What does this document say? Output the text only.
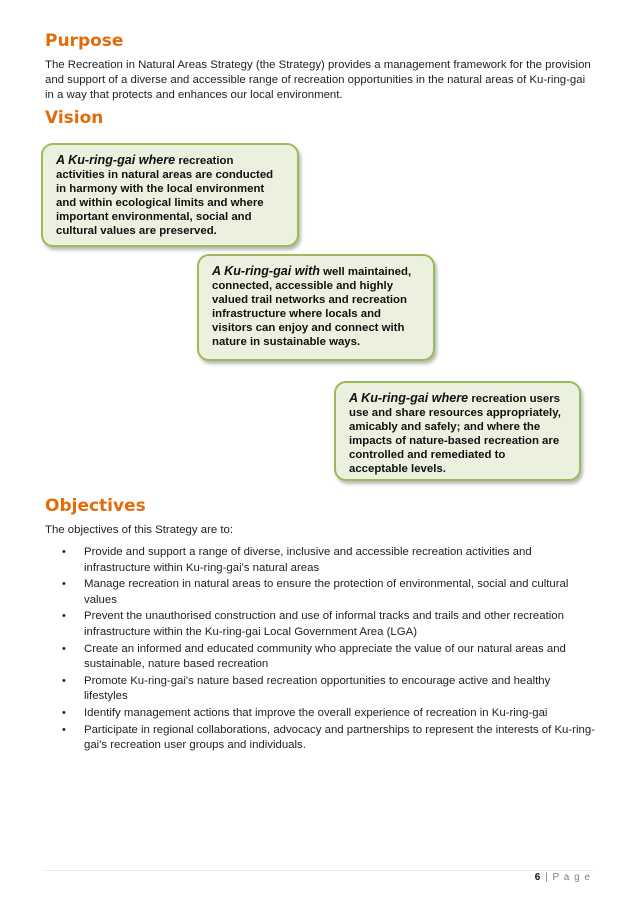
Purpose

The Recreation in Natural Areas Strategy (the Strategy) provides a management framework for the provision and support of a diverse and accessible range of recreation opportunities in the natural areas of Ku-ring-gai in a way that protects and enhances our local environment.

Vision
A Ku-ring-gai where recreation activities in natural areas are conducted in harmony with the local environment and within ecological limits and where important environmental, social and cultural values are preserved.
A Ku-ring-gai with well maintained, connected, accessible and highly valued trail networks and recreation infrastructure where locals and visitors can enjoy and connect with nature in sustainable ways.
A Ku-ring-gai where recreation users use and share resources appropriately, amicably and safely; and where the impacts of nature-based recreation are controlled and remediated to acceptable levels.
Objectives

The objectives of this Strategy are to:

• Provide and support a range of diverse, inclusive and accessible recreation activities and infrastructure within Ku-ring-gai's natural areas
• Manage recreation in natural areas to ensure the protection of environmental, social and cultural values
• Prevent the unauthorised construction and use of informal tracks and trails and other recreation infrastructure within the Ku-ring-gai Local Government Area (LGA)
• Create an informed and educated community who appreciate the value of our natural areas and sustainable, nature based recreation
• Promote Ku-ring-gai's nature based recreation opportunities to encourage active and healthy lifestyles
• Identify management actions that improve the overall experience of recreation in Ku-ring-gai
• Participate in regional collaborations, advocacy and partnerships to represent the interests of Ku-ring-gai's recreation user groups and individuals.
6 | P a g e
